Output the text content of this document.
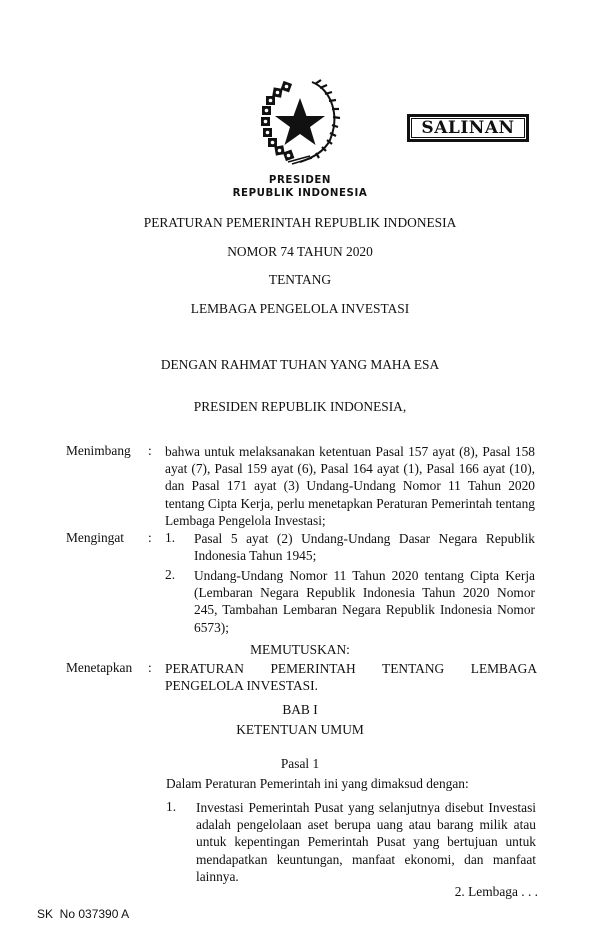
SALINAN
PRESIDEN
REPUBLIK INDONESIA
PERATURAN PEMERINTAH REPUBLIK INDONESIA
NOMOR 74 TAHUN 2020
TENTANG
LEMBAGA PENGELOLA INVESTASI
DENGAN RAHMAT TUHAN YANG MAHA ESA
PRESIDEN REPUBLIK INDONESIA,
Menimbang : bahwa untuk melaksanakan ketentuan Pasal 157 ayat (8), Pasal 158 ayat (7), Pasal 159 ayat (6), Pasal 164 ayat (1), Pasal 166 ayat (10), dan Pasal 171 ayat (3) Undang-Undang Nomor 11 Tahun 2020 tentang Cipta Kerja, perlu menetapkan Peraturan Pemerintah tentang Lembaga Pengelola Investasi;
Mengingat : 1. Pasal 5 ayat (2) Undang-Undang Dasar Negara Republik Indonesia Tahun 1945;
2. Undang-Undang Nomor 11 Tahun 2020 tentang Cipta Kerja (Lembaran Negara Republik Indonesia Tahun 2020 Nomor 245, Tambahan Lembaran Negara Republik Indonesia Nomor 6573);
MEMUTUSKAN:
Menetapkan : PERATURAN PEMERINTAH TENTANG LEMBAGA PENGELOLA INVESTASI.
BAB I
KETENTUAN UMUM
Pasal 1
Dalam Peraturan Pemerintah ini yang dimaksud dengan:
1. Investasi Pemerintah Pusat yang selanjutnya disebut Investasi adalah pengelolaan aset berupa uang atau barang milik atau untuk kepentingan Pemerintah Pusat yang bertujuan untuk mendapatkan keuntungan, manfaat ekonomi, dan manfaat lainnya.
2. Lembaga . . .
SK  No 037390 A
